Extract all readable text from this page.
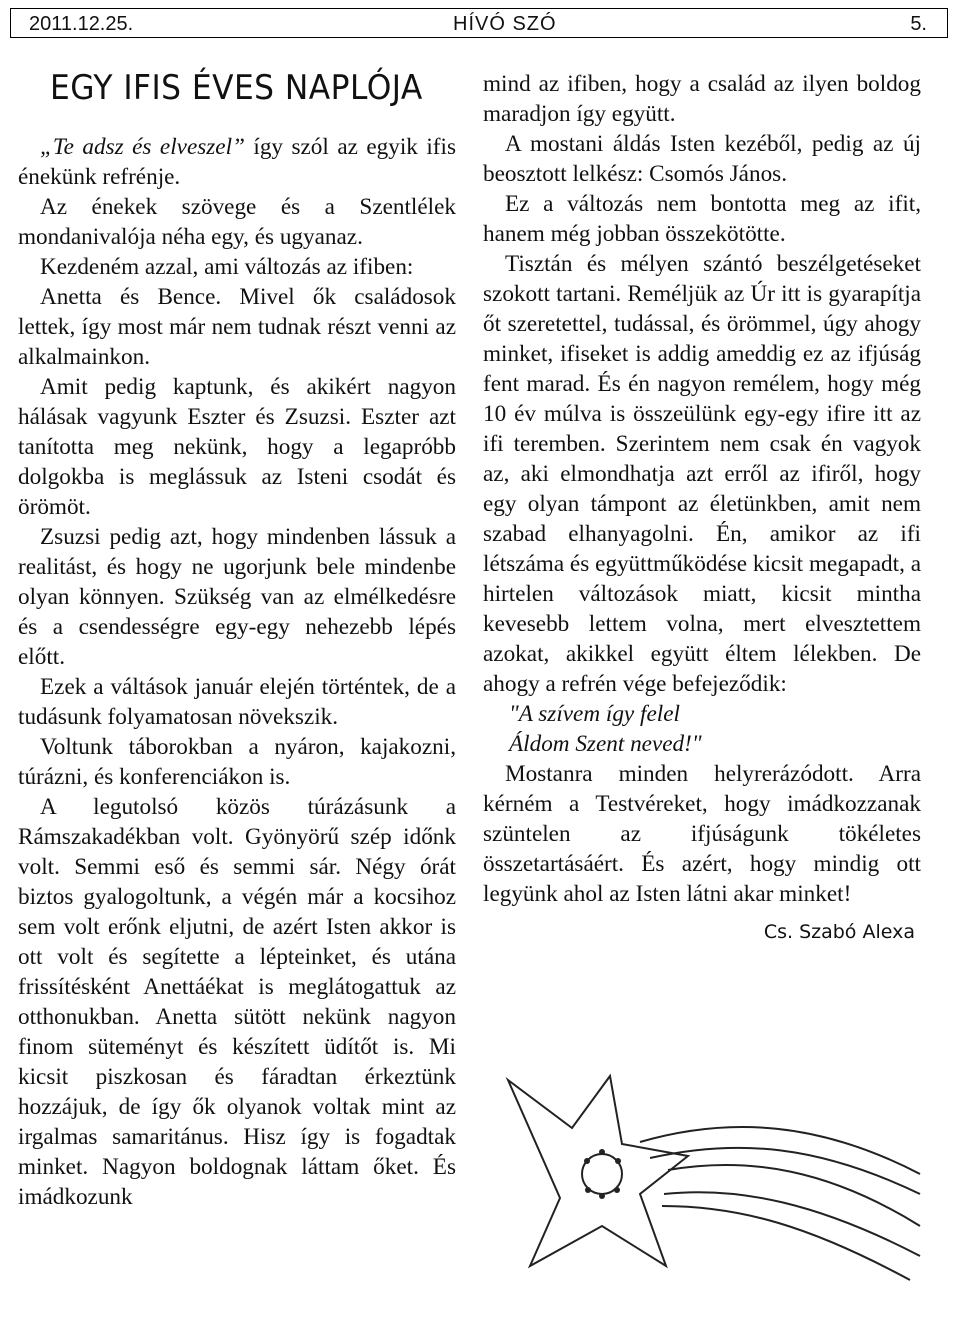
2011.12.25.	HÍVÓ SZÓ	5.
EGY IFIS ÉVES NAPLÓJA

„Te adsz és elveszel” így szól az egyik ifis énekünk refrénje.

Az énekek szövege és a Szentlélek mondanivalója néha egy, és ugyanaz.

Kezdeném azzal, ami változás az ifiben:

Anetta és Bence. Mivel ők családosok lettek, így most már nem tudnak részt venni az alkalmainkon.

Amit pedig kaptunk, és akikért nagyon hálásak vagyunk Eszter és Zsuzsi. Eszter azt tanította meg nekünk, hogy a legapróbb dolgokba is meglássuk az Isteni csodát és örömöt.

Zsuzsi pedig azt, hogy mindenben lássuk a realitást, és hogy ne ugorjunk bele mindenbe olyan könnyen. Szükség van az elmélkedésre és a csendességre egy-egy nehezebb lépés előtt.

Ezek a váltások január elején történtek, de a tudásunk folyamatosan növekszik.

Voltunk táborokban a nyáron, kajakozni, túrázni, és konferenciákon is.

A legutolsó közös túrázásunk a Rámszakadékban volt. Gyönyörű szép időnk volt. Semmi eső és semmi sár. Négy órát biztos gyalogoltunk, a végén már a kocsihoz sem volt erőnk eljutni, de azért Isten akkor is ott volt és segítette a lépteinket, és utána frissítésként Anettáékat is meglátogattuk az otthonukban. Anetta sütött nekünk nagyon finom süteményt és készített üdítőt is. Mi kicsit piszkosan és fáradtan érkeztünk hozzájuk, de így ők olyanok voltak mint az irgalmas samaritánus. Hisz így is fogadtak minket. Nagyon boldognak láttam őket. És imádkozunk

mind az ifiben, hogy a család az ilyen boldog maradjon így együtt.

A mostani áldás Isten kezéből, pedig az új beosztott lelkész: Csomós János.

Ez a változás nem bontotta meg az ifit, hanem még jobban összekötötte.

Tisztán és mélyen szántó beszélgetéseket szokott tartani. Reméljük az Úr itt is gyarapítja őt szeretettel, tudással, és örömmel, úgy ahogy minket, ifiseket is addig ameddig ez az ifjúság fent marad. És én nagyon remélem, hogy még 10 év múlva is összeülünk egy-egy ifire itt az ifi teremben. Szerintem nem csak én vagyok az, aki elmondhatja azt erről az ifiről, hogy egy olyan támpont az életünkben, amit nem szabad elhanyagolni. Én, amikor az ifi létszáma és együttműködése kicsit megapadt, a hirtelen változások miatt, kicsit mintha kevesebb lettem volna, mert elvesztettem azokat, akikkel együtt éltem lélekben. De ahogy a refrén vége befejeződik:

"A szívem így felel

Áldom Szent neved!"

Mostanra minden helyrerázódott. Arra kérném a Testvéreket, hogy imádkozzanak szüntelen az ifjúságunk tökéletes összetartásáért. És azért, hogy mindig ott legyünk ahol az Isten látni akar minket!

Cs. Szabó Alexa
